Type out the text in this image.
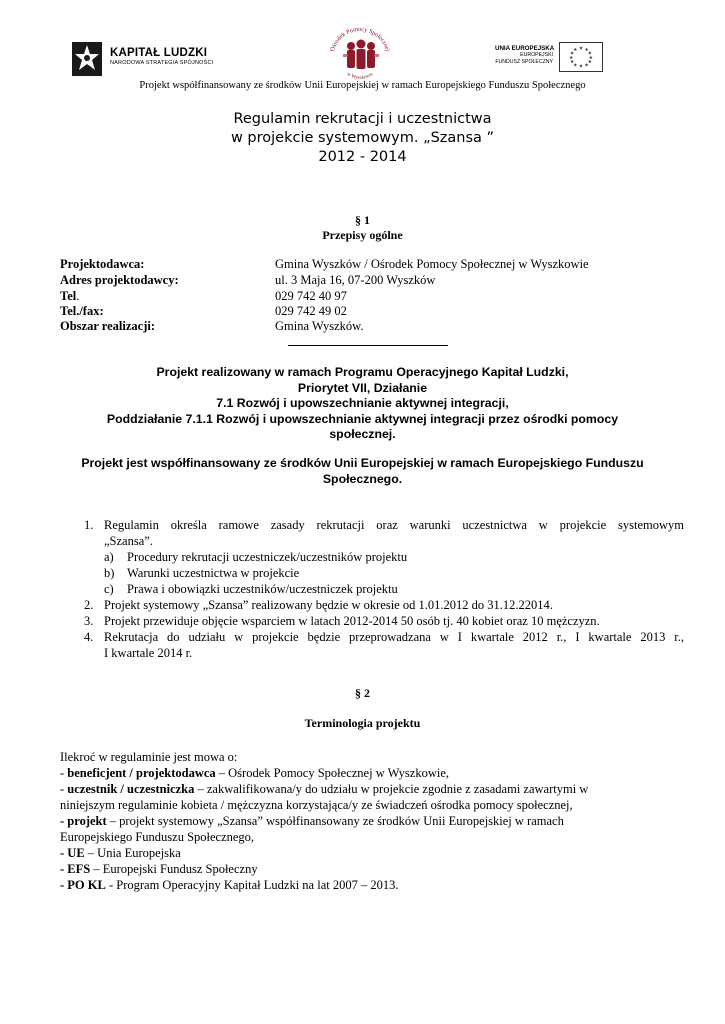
KAPITAŁ LUDZKI
NARODOWA STRATEGIA SPÓJNOŚCI
Ośrodek Pomocy Społecznej
w Wyszkowie
UNIA EUROPEJSKA
EUROPEJSKI
FUNDUSZ SPOŁECZNY
★ ★
★
★
★
★
★
★
★
★
★
★
Projekt współfinansowany ze środków Unii Europejskiej w ramach Europejskiego Funduszu Społecznego
Regulamin rekrutacji i uczestnictwa
w projekcie systemowym. „Szansa ”
2012 - 2014
§ 1
Przepisy ogólne
Projektodawca:	Gmina Wyszków / Ośrodek Pomocy Społecznej w Wyszkowie
Adres projektodawcy:	ul. 3 Maja 16, 07-200 Wyszków
Tel.	029 742 40 97
Tel./fax:	029 742 49 02
Obszar realizacji:	Gmina Wyszków.
Projekt realizowany w ramach Programu Operacyjnego Kapitał Ludzki,
Priorytet VII, Działanie
7.1 Rozwój i upowszechnianie aktywnej integracji,
Poddziałanie 7.1.1 Rozwój i upowszechnianie aktywnej integracji przez ośrodki pomocy
społecznej.
Projekt jest współfinansowany ze środków Unii Europejskiej w ramach Europejskiego Funduszu
Społecznego.
1. Regulamin określa ramowe zasady rekrutacji oraz warunki uczestnictwa w projekcie systemowym
„Szansa”.
a) Procedury rekrutacji uczestniczek/uczestników projektu
b) Warunki uczestnictwa w projekcie
c) Prawa i obowiązki uczestników/uczestniczek projektu
2. Projekt systemowy „Szansa” realizowany będzie w okresie od 1.01.2012 do 31.12.22014.
3. Projekt przewiduje objęcie wsparciem w latach 2012-2014 50 osób tj. 40 kobiet oraz 10 mężczyzn.
4. Rekrutacja do udziału w projekcie będzie przeprowadzana w I kwartale 2012 r., I kwartale 2013 r.,
I kwartale 2014 r.
§ 2
Terminologia projektu
Ilekroć w regulaminie jest mowa o:
- beneficjent / projektodawca – Ośrodek Pomocy Społecznej w Wyszkowie,
- uczestnik / uczestniczka – zakwalifikowana/y do udziału w projekcie zgodnie z zasadami zawartymi w
niniejszym regulaminie kobieta / mężczyzna korzystająca/y ze świadczeń ośrodka pomocy społecznej,
- projekt – projekt systemowy „Szansa” współfinansowany ze środków Unii Europejskiej w ramach
Europejskiego Funduszu Społecznego,
- UE – Unia Europejska
- EFS – Europejski Fundusz Społeczny
- PO KL - Program Operacyjny Kapitał Ludzki na lat 2007 – 2013.
